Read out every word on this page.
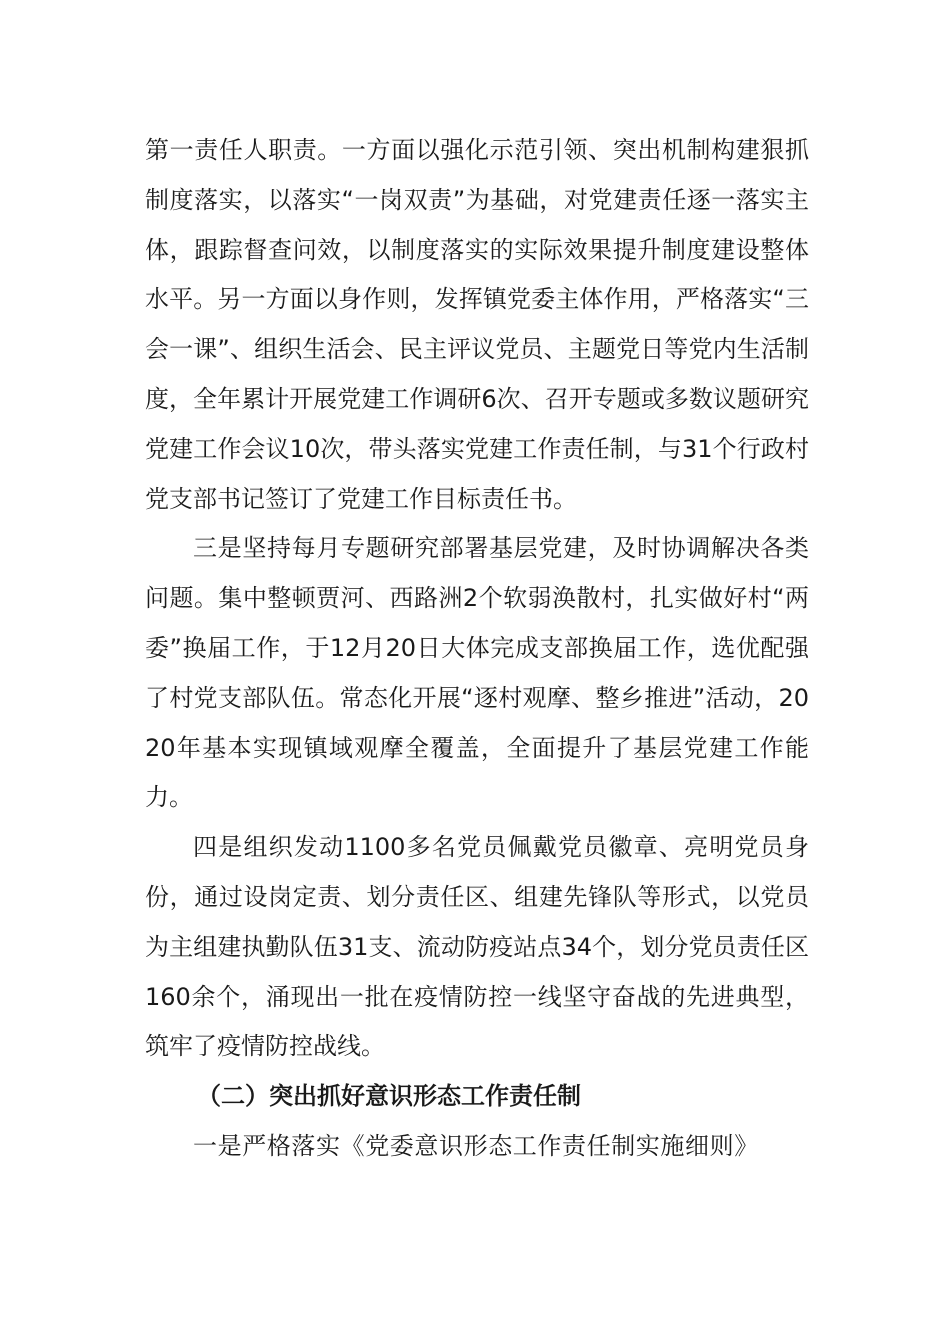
第一责任人职责。一方面以强化示范引领、突出机制构建狠抓制度落实，以落实“一岗双责”为基础，对党建责任逐一落实主体，跟踪督查问效，以制度落实的实际效果提升制度建设整体水平。另一方面以身作则，发挥镇党委主体作用，严格落实“三会一课”、组织生活会、民主评议党员、主题党日等党内生活制度，全年累计开展党建工作调研6次、召开专题或多数议题研究党建工作会议10次，带头落实党建工作责任制，与31个行政村党支部书记签订了党建工作目标责任书。

三是坚持每月专题研究部署基层党建，及时协调解决各类问题。集中整顿贾河、西路洲2个软弱涣散村，扎实做好村“两委”换届工作，于12月20日大体完成支部换届工作，选优配强了村党支部队伍。常态化开展“逐村观摩、整乡推进”活动，2020年基本实现镇域观摩全覆盖，全面提升了基层党建工作能力。

四是组织发动1100多名党员佩戴党员徽章、亮明党员身份，通过设岗定责、划分责任区、组建先锋队等形式，以党员为主组建执勤队伍31支、流动防疫站点34个，划分党员责任区160余个，涌现出一批在疫情防控一线坚守奋战的先进典型，筑牢了疫情防控战线。

（二）突出抓好意识形态工作责任制

一是严格落实《党委意识形态工作责任制实施细则》
